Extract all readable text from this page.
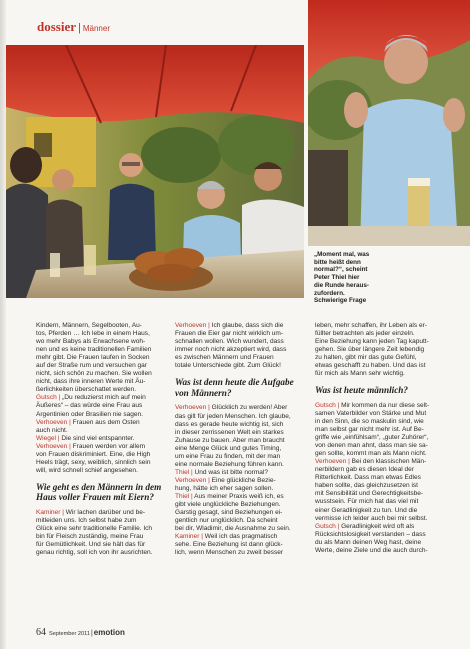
dossier | Männer

„Moment mal, was

bitte heißt denn

normal?“, scheint

Peter Thiel hier

die Runde heraus-

zufordern.

Schwierige Frage

Kindern, Männern, Segelbooten, Au-

tos, Pferden … Ich lebe in einem Haus,

wo mehr Babys als Erwachsene woh-

nen und es keine traditionellen Familien

mehr gibt. Die Frauen laufen in Socken

auf der Straße rum und versuchen gar

nicht, sich schön zu machen. Sie wollen

nicht, dass ihre inneren Werte mit Äu-

ßerlichkeiten überschattet werden.

Gutsch | „Du reduzierst mich auf mein

Äußeres“ – das würde eine Frau aus

Argentinien oder Brasilien nie sagen.

Verhoeven | Frauen aus dem Osten

auch nicht.

Wiegel | Die sind viel entspannter.

Verhoeven | Frauen werden vor allem

von Frauen diskriminiert. Eine, die High

Heels trägt, sexy, weiblich, sinnlich sein

will, wird schnell schief angesehen.

Wie geht es den Männern in dem

Haus voller Frauen mit Eiern?

Kaminer | Wir lachen darüber und be-

mitleiden uns. Ich selbst habe zum

Glück eine sehr traditionelle Familie. Ich

bin für Fleisch zuständig, meine Frau

für Gemütlichkeit. Und sie hält das für

genau richtig, soll ich von ihr ausrichten.

Verhoeven | Ich glaube, dass sich die

Frauen die Eier gar nicht wirklich um-

schnallen wollen. Wich wundert, dass

immer noch nicht akzeptiert wird, dass

es zwischen Männern und Frauen

totale Unterschiede gibt. Zum Glück!

Was ist denn heute die Aufgabe

von Männern?

Verhoeven | Glücklich zu werden! Aber

das gilt für jeden Menschen. Ich glaube,

dass es gerade heute wichtig ist, sich

in dieser zerrissenen Welt ein starkes

Zuhause zu bauen. Aber man braucht

eine Menge Glück und gutes Timing,

um eine Frau zu finden, mit der man

eine normale Beziehung führen kann.

Thiel | Und was ist bitte normal?

Verhoeven | Eine glückliche Bezie-

hung, hätte ich eher sagen sollen.

Thiel | Aus meiner Praxis weiß ich, es

gibt viele unglückliche Beziehungen.

Garstig gesagt, sind Beziehungen ei-

gentlich nur unglücklich. Da scheint

bei dir, Wladimir, die Ausnahme zu sein.

Kaminer | Weil ich das pragmatisch

sehe. Eine Beziehung ist dann glück-

lich, wenn Menschen zu zweit besser

leben, mehr schaffen, ihr Leben als er-

füllter betrachten als jeder einzeln.

Eine Beziehung kann jeden Tag kaputt-

gehen. Sie über längere Zeit lebendig

zu halten, gibt mir das gute Gefühl,

etwas geschafft zu haben. Und das ist

für mich als Mann sehr wichtig.

Was ist heute männlich?

Gutsch | Mir kommen da nur diese selt-

samen Vaterbilder von Stärke und Mut

in den Sinn, die so maskulin sind, wie

man selbst gar nicht mehr ist. Auf Be-

griffe wie „einfühlsam“, „guter Zuhörer“,

von denen man ahnt, dass man sie sa-

gen sollte, kommt man als Mann nicht.

Verhoeven | Bei den klassischen Män-

nerbildern gab es diesen Ideal der

Ritterlichkeit. Dass man etwas Edles

haben sollte, das gleichzusetzen ist

mit Sensibilität und Gerechtigkeitsbe-

wusstsein. Für mich hat das viel mit

einer Geradlinigkeit zu tun. Und die

vermisse ich leider auch bei mir selbst.

Gutsch | Geradlinigkeit wird oft als

Rücksichtslosigkeit verstanden – dass

du als Mann deinen Weg hast, deine

Werte, deine Ziele und die auch durch-

64 September 2011|emotion
